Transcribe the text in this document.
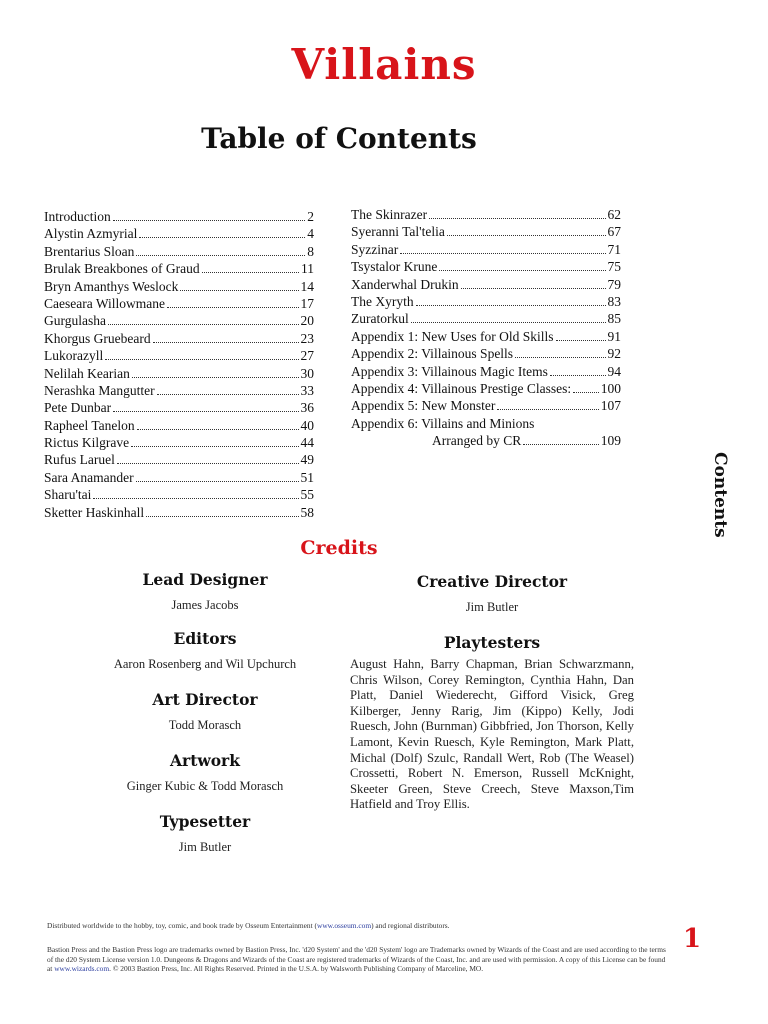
Villains
Table of Contents
Introduction	2
Alystin Azmyrial	4
Brentarius Sloan	8
Brulak Breakbones of Graud	11
Bryn Amanthys Weslock	14
Caeseara Willowmane	17
Gurgulasha	20
Khorgus Gruebeard	23
Lukorazyll	27
Nelilah Kearian	30
Nerashka Mangutter	33
Pete Dunbar	36
Rapheel Tanelon	40
Rictus Kilgrave	44
Rufus Laruel	49
Sara Anamander	51
Sharu'tai	55
Sketter Haskinhall	58
The Skinrazer	62
Syeranni Tal'telia	67
Syzzinar	71
Tsystalor Krune	75
Xanderwhal Drukin	79
The Xyryth	83
Zuratorkul	85
Appendix 1: New Uses for Old Skills	91
Appendix 2: Villainous Spells	92
Appendix 3: Villainous Magic Items	94
Appendix 4: Villainous Prestige Classes: 100
Appendix 5: New Monster	107
Appendix 6: Villains and Minions
Arranged by CR	109
Contents
Credits
Lead Designer
James Jacobs
Editors
Aaron Rosenberg and Wil Upchurch
Art Director
Todd Morasch
Artwork
Ginger Kubic & Todd Morasch
Typesetter
Jim Butler
Creative Director
Jim Butler
Playtesters
August Hahn, Barry Chapman, Brian Schwarzmann, Chris Wilson, Corey Remington, Cynthia Hahn, Dan Platt, Daniel Wiederecht, Gifford Visick, Greg Kilberger, Jenny Rarig, Jim (Kippo) Kelly, Jodi Ruesch, John (Burnman) Gibbfried, Jon Thorson, Kelly Lamont, Kevin Ruesch, Kyle Remington, Mark Platt, Michal (Dolf) Szulc, Randall Wert, Rob (The Weasel) Crossetti, Robert N. Emerson, Russell McKnight, Skeeter Green, Steve Creech, Steve Maxson,Tim Hatfield and Troy Ellis.
Distributed worldwide to the hobby, toy, comic, and book trade by Osseum Entertainment (www.osseum.com) and regional distributors.
Bastion Press and the Bastion Press logo are trademarks owned by Bastion Press, Inc. 'd20 System' and the 'd20 System' logo are Trademarks owned by Wizards of the Coast and are used according to the terms of the d20 System License version 1.0. Dungeons & Dragons and Wizards of the Coast are registered trademarks of Wizards of the Coast, Inc. and are used with permission. A copy of this License can be found at www.wizards.com. © 2003 Bastion Press, Inc. All Rights Reserved. Printed in the U.S.A. by Walsworth Publishing Company of Marceline, MO.
1
